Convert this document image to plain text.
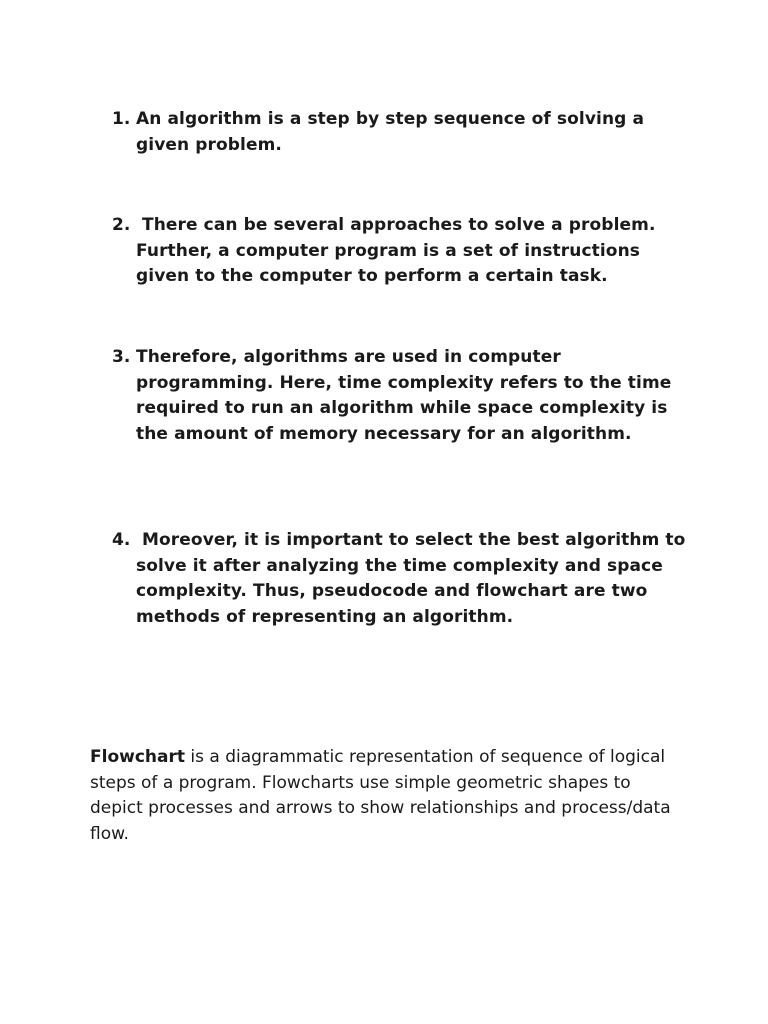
1. An algorithm is a step by step sequence of solving a given problem.
2. There can be several approaches to solve a problem. Further, a computer program is a set of instructions given to the computer to perform a certain task.
3. Therefore, algorithms are used in computer programming. Here, time complexity refers to the time required to run an algorithm while space complexity is the amount of memory necessary for an algorithm.
4. Moreover, it is important to select the best algorithm to solve it after analyzing the time complexity and space complexity. Thus, pseudocode and flowchart are two methods of representing an algorithm.

Flowchart is a diagrammatic representation of sequence of logical steps of a program. Flowcharts use simple geometric shapes to depict processes and arrows to show relationships and process/data flow.
